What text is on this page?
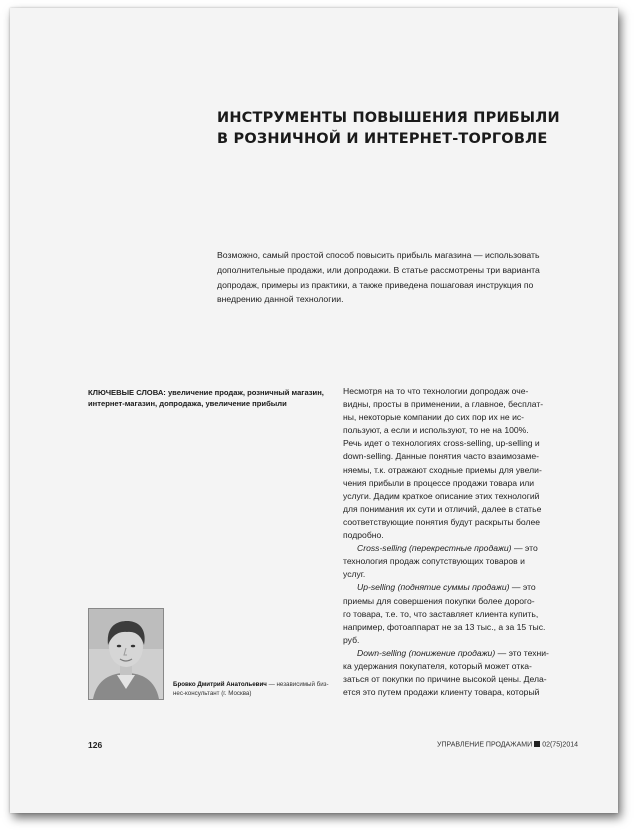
ИНСТРУМЕНТЫ ПОВЫШЕНИЯ ПРИБЫЛИ
В РОЗНИЧНОЙ И ИНТЕРНЕТ-ТОРГОВЛЕ
Возможно, самый простой способ повысить прибыль магазина — использовать
дополнительные продажи, или допродажи. В статье рассмотрены три варианта
допродаж, примеры из практики, а также приведена пошаговая инструкция по
внедрению данной технологии.
КЛЮЧЕВЫЕ СЛОВА: увеличение продаж, розничный магазин,
интернет-магазин, допродажа, увеличение прибыли
Несмотря на то что технологии допродаж оче-
видны, просты в применении, а главное, бесплат-
ны, некоторые компании до сих пор их не ис-
пользуют, а если и используют, то не на 100%.
Речь идет о технологиях cross-selling, up-selling и
down-selling. Данные понятия часто взаимозаме-
няемы, т.к. отражают сходные приемы для увели-
чения прибыли в процессе продажи товара или
услуги. Дадим краткое описание этих технологий
для понимания их сути и отличий, далее в статье
соответствующие понятия будут раскрыты более
подробно.
Cross-selling (перекрестные продажи) — это
технология продаж сопутствующих товаров и
услуг.
Up-selling (поднятие суммы продажи) — это
приемы для совершения покупки более дорого-
го товара, т.е. то, что заставляет клиента купить,
например, фотоаппарат не за 13 тыс., а за 15 тыс.
руб.
Down-selling (понижение продажи) — это техни-
ка удержания покупателя, который может отка-
заться от покупки по причине высокой цены. Дела-
ется это путем продажи клиенту товара, который
Бровко Дмитрий Анатольевич — независимый биз-
нес-консультант (г. Москва)
126	УПРАВЛЕНИЕ ПРОДАЖАМИ 02(75)2014
